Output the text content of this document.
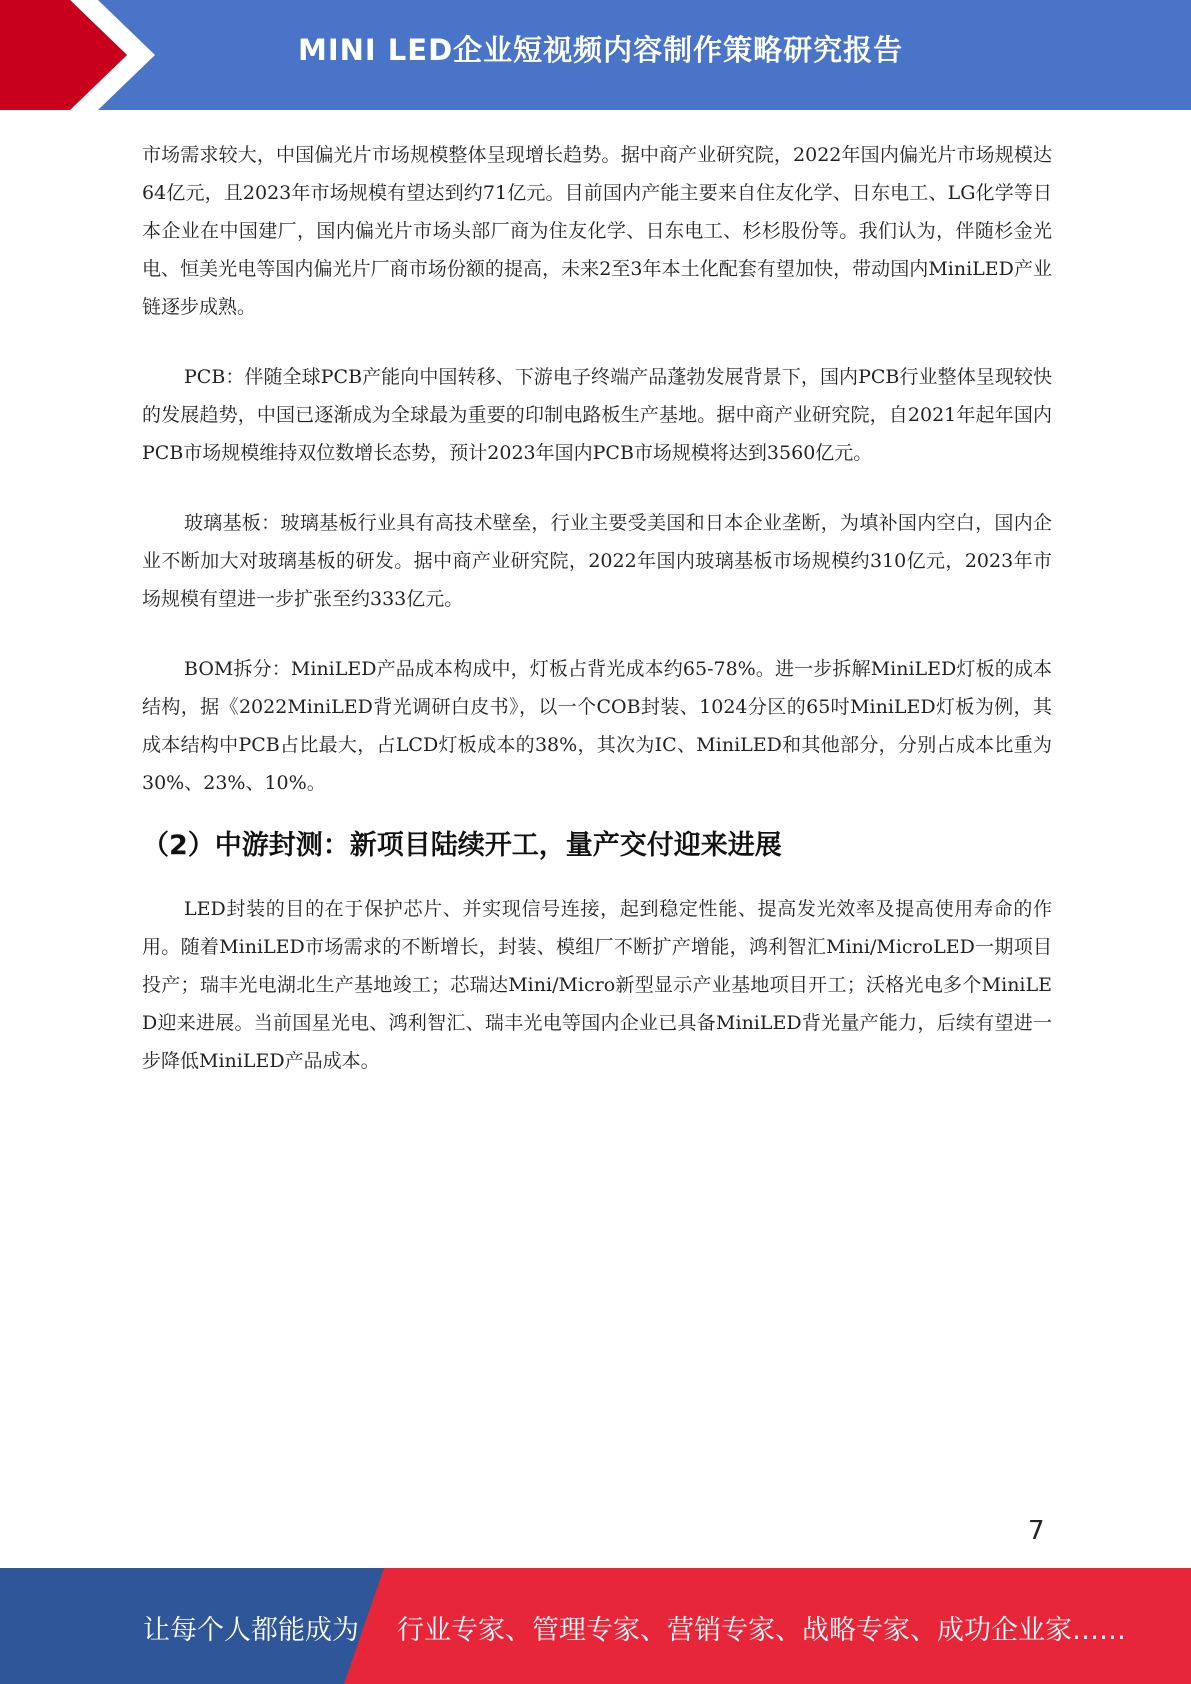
MINI LED企业短视频内容制作策略研究报告

市场需求较大，中国偏光片市场规模整体呈现增长趋势。据中商产业研究院，2022年国内偏光片市场规模达64亿元，且2023年市场规模有望达到约71亿元。目前国内产能主要来自住友化学、日东电工、LG化学等日本企业在中国建厂，国内偏光片市场头部厂商为住友化学、日东电工、杉杉股份等。我们认为，伴随杉金光电、恒美光电等国内偏光片厂商市场份额的提高，未来2至3年本土化配套有望加快，带动国内MiniLED产业链逐步成熟。

PCB：伴随全球PCB产能向中国转移、下游电子终端产品蓬勃发展背景下，国内PCB行业整体呈现较快的发展趋势，中国已逐渐成为全球最为重要的印制电路板生产基地。据中商产业研究院，自2021年起年国内PCB市场规模维持双位数增长态势，预计2023年国内PCB市场规模将达到3560亿元。

玻璃基板：玻璃基板行业具有高技术壁垒，行业主要受美国和日本企业垄断，为填补国内空白，国内企业不断加大对玻璃基板的研发。据中商产业研究院，2022年国内玻璃基板市场规模约310亿元，2023年市场规模有望进一步扩张至约333亿元。

BOM拆分：MiniLED产品成本构成中，灯板占背光成本约65-78%。进一步拆解MiniLED灯板的成本结构，据《2022MiniLED背光调研白皮书》，以一个COB封装、1024分区的65吋MiniLED灯板为例，其成本结构中PCB占比最大，占LCD灯板成本的38%，其次为IC、MiniLED和其他部分，分别占成本比重为30%、23%、10%。

（2）中游封测：新项目陆续开工，量产交付迎来进展

LED封装的目的在于保护芯片、并实现信号连接，起到稳定性能、提高发光效率及提高使用寿命的作用。随着MiniLED市场需求的不断增长，封装、模组厂不断扩产增能，鸿利智汇Mini/MicroLED一期项目投产；瑞丰光电湖北生产基地竣工；芯瑞达Mini/Micro新型显示产业基地项目开工；沃格光电多个MiniLED迎来进展。当前国星光电、鸿利智汇、瑞丰光电等国内企业已具备MiniLED背光量产能力，后续有望进一步降低MiniLED产品成本。

7
让每个人都能成为 行业专家、管理专家、营销专家、战略专家、成功企业家……
